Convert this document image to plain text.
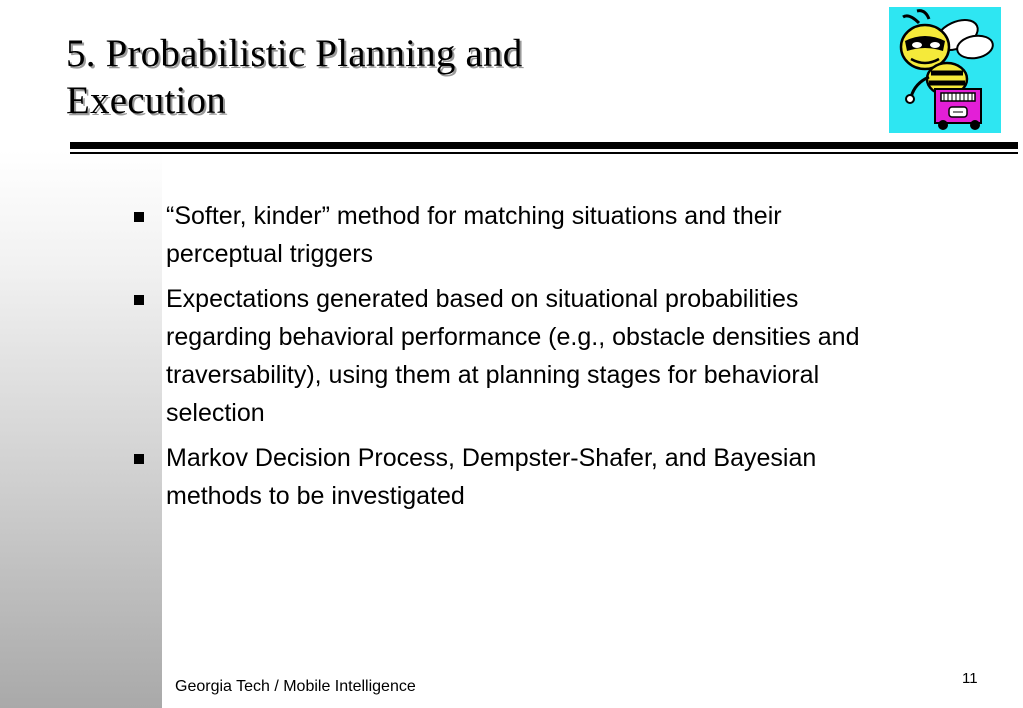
5. Probabilistic Planning and
Execution
“Softer, kinder” method for matching situations and their perceptual triggers
Expectations generated based on situational probabilities regarding behavioral performance (e.g., obstacle densities and traversability), using them at planning stages for behavioral selection
Markov Decision Process, Dempster-Shafer, and Bayesian methods to be investigated
Georgia Tech / Mobile Intelligence	11
